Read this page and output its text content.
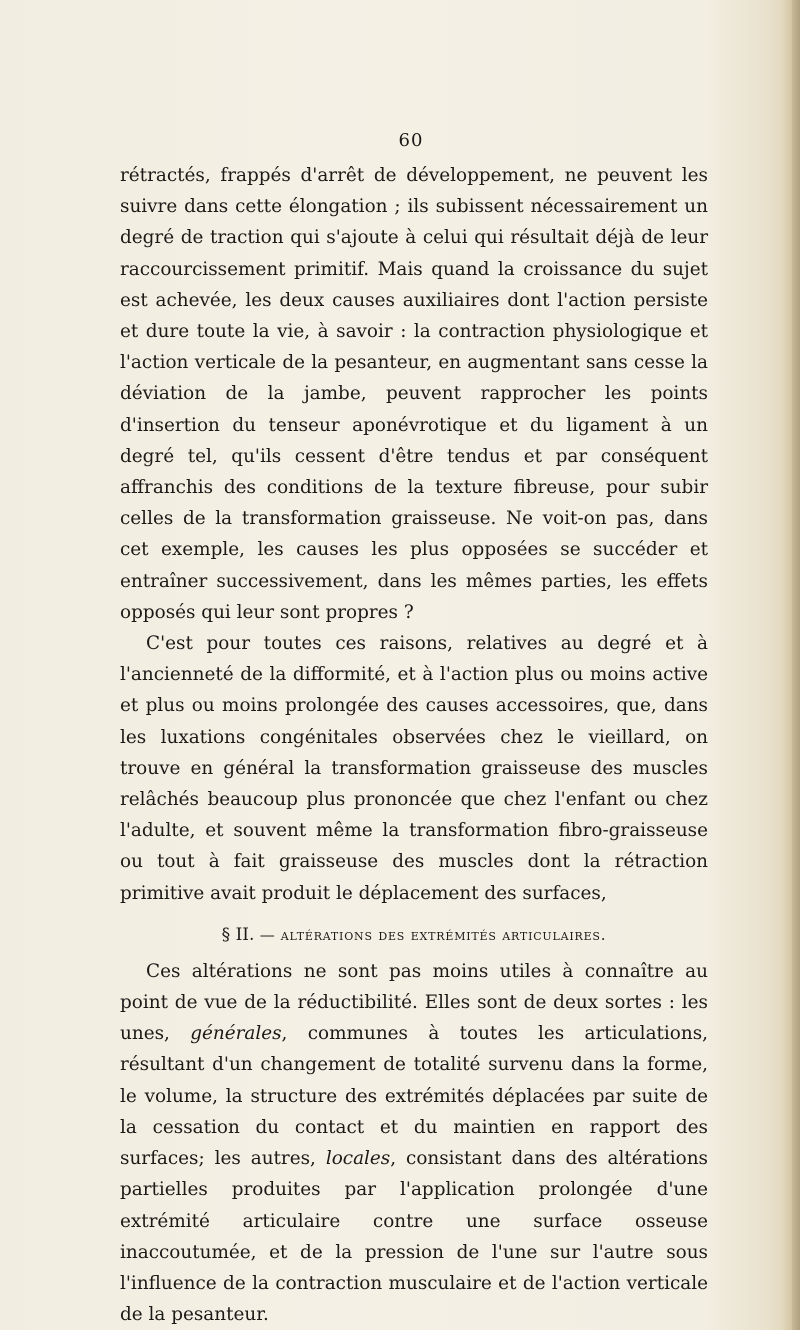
60

rétractés, frappés d'arrêt de développement, ne peuvent les suivre dans cette élongation ; ils subissent nécessairement un degré de traction qui s'ajoute à celui qui résultait déjà de leur raccourcissement primitif. Mais quand la croissance du sujet est achevée, les deux causes auxiliaires dont l'action persiste et dure toute la vie, à savoir : la contraction physiologique et l'action verticale de la pesanteur, en augmentant sans cesse la déviation de la jambe, peuvent rapprocher les points d'insertion du tenseur aponévrotique et du ligament à un degré tel, qu'ils cessent d'être tendus et par conséquent affranchis des conditions de la texture fibreuse, pour subir celles de la transformation graisseuse. Ne voit-on pas, dans cet exemple, les causes les plus opposées se succéder et entraîner successivement, dans les mêmes parties, les effets opposés qui leur sont propres ?

C'est pour toutes ces raisons, relatives au degré et à l'ancienneté de la difformité, et à l'action plus ou moins active et plus ou moins prolongée des causes accessoires, que, dans les luxations congénitales observées chez le vieillard, on trouve en général la transformation graisseuse des muscles relâchés beaucoup plus prononcée que chez l'enfant ou chez l'adulte, et souvent même la transformation fibro-graisseuse ou tout à fait graisseuse des muscles dont la rétraction primitive avait produit le déplacement des surfaces,

§ II. — altérations des extrémités articulaires.

Ces altérations ne sont pas moins utiles à connaître au point de vue de la réductibilité. Elles sont de deux sortes : les unes, générales, communes à toutes les articulations, résultant d'un changement de totalité survenu dans la forme, le volume, la structure des extrémités déplacées par suite de la cessation du contact et du maintien en rapport des surfaces; les autres, locales, consistant dans des altérations partielles produites par l'application prolongée d'une extrémité articulaire contre une surface osseuse inaccoutumée, et de la pression de l'une sur l'autre sous l'influence de la contraction musculaire et de l'action verticale de la pesanteur.
